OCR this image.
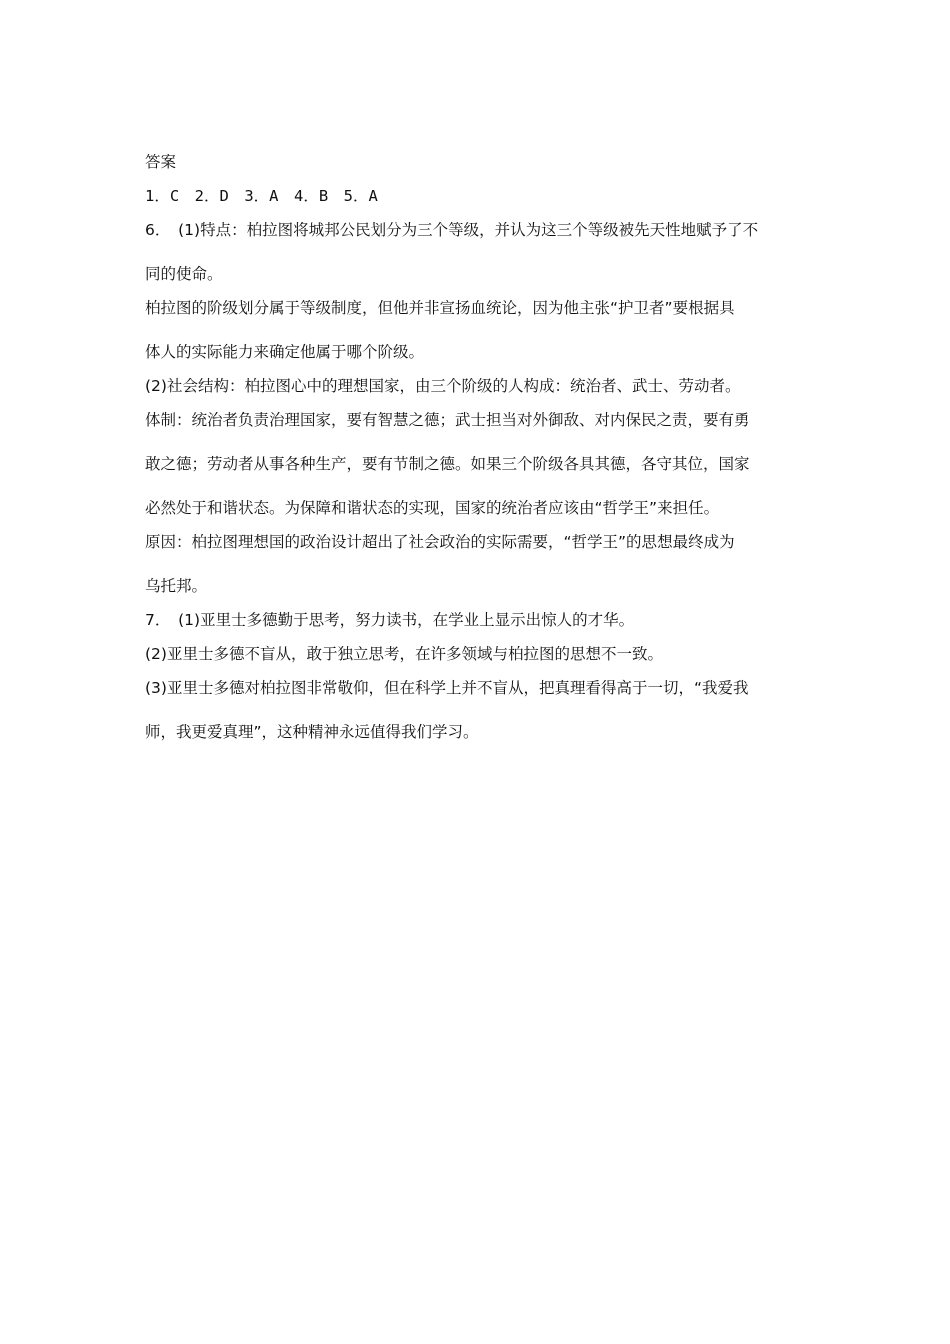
答案

1．C　2．D　3．A　4．B　5．A

6．　(1)特点：柏拉图将城邦公民划分为三个等级，并认为这三个等级被先天性地赋予了不

同的使命。

柏拉图的阶级划分属于等级制度，但他并非宣扬血统论，因为他主张“护卫者”要根据具

体人的实际能力来确定他属于哪个阶级。

(2)社会结构：柏拉图心中的理想国家，由三个阶级的人构成：统治者、武士、劳动者。

体制：统治者负责治理国家，要有智慧之德；武士担当对外御敌、对内保民之责，要有勇

敢之德；劳动者从事各种生产，要有节制之德。如果三个阶级各具其德，各守其位，国家

必然处于和谐状态。为保障和谐状态的实现，国家的统治者应该由“哲学王”来担任。

原因：柏拉图理想国的政治设计超出了社会政治的实际需要，“哲学王”的思想最终成为

乌托邦。

7．　(1)亚里士多德勤于思考，努力读书，在学业上显示出惊人的才华。

(2)亚里士多德不盲从，敢于独立思考，在许多领域与柏拉图的思想不一致。

(3)亚里士多德对柏拉图非常敬仰，但在科学上并不盲从，把真理看得高于一切，“我爱我

师，我更爱真理”，这种精神永远值得我们学习。
